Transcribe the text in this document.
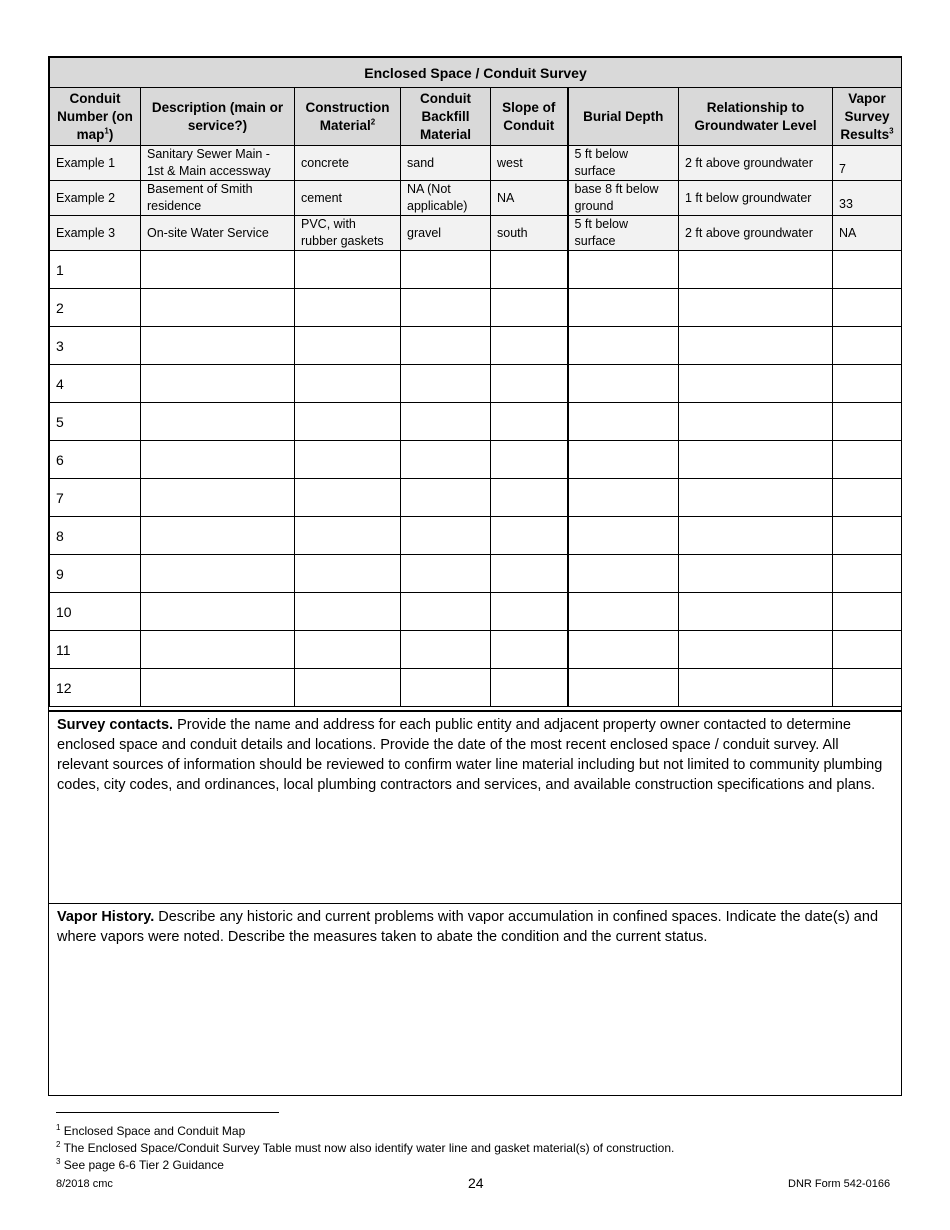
Enclosed Space / Conduit Survey							
Conduit Number (on map$^1$)	Description (main or service?)	Construction Material$^2$	Conduit Backfill Material	Slope of Conduit	Burial Depth	Relationship to Groundwater Level	Vapor Survey Results$^3$
Example 1	Sanitary Sewer Main - 1st & Main accessway	concrete	sand	west	5 ft below surface	2 ft above groundwater	7
Example 2	Basement of Smith residence	cement	NA (Not applicable)	NA	base 8 ft below ground	1 ft below groundwater	33
Example 3	On-site Water Service	PVC, with rubber gaskets	gravel	south	5 ft below surface	2 ft above groundwater	NA
1							
2							
3							
4							
5							
6							
7							
8							
9							
10							
11							
12							
Survey contacts. Provide the name and address for each public entity and adjacent property owner contacted to determine enclosed space and conduit details and locations. Provide the date of the most recent enclosed space / conduit survey. All relevant sources of information should be reviewed to confirm water line material including but not limited to community plumbing codes, city codes, and ordinances, local plumbing contractors and services, and available construction specifications and plans.
Vapor History. Describe any historic and current problems with vapor accumulation in confined spaces. Indicate the date(s) and where vapors were noted. Describe the measures taken to abate the condition and the current status.
$^1$ Enclosed Space and Conduit Map
$^2$ The Enclosed Space/Conduit Survey Table must now also identify water line and gasket material(s) of construction.
$^3$ See page 6-6 Tier 2 Guidance
8/2018 cmc	24	DNR Form 542-0166
